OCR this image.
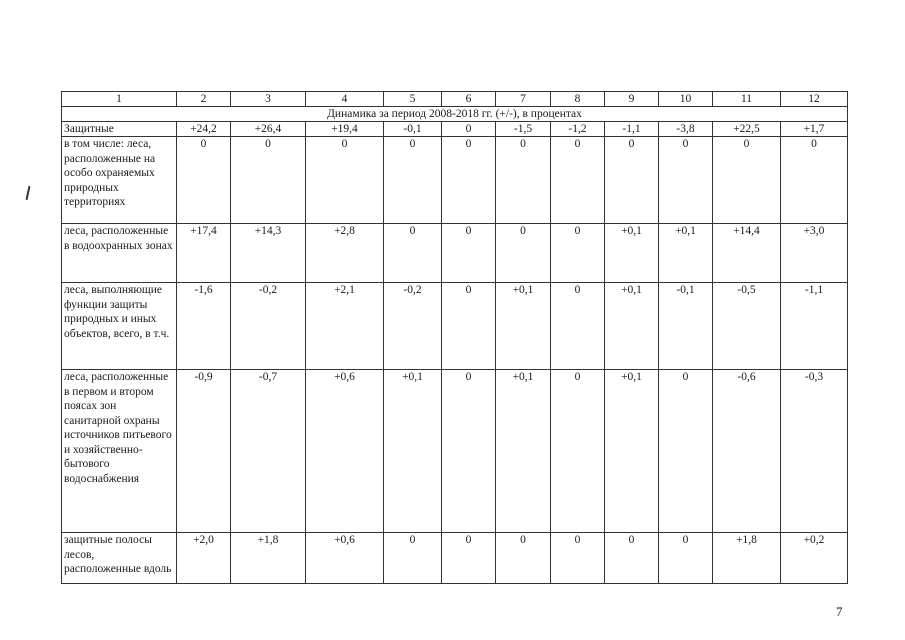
1	2	3	4	5	6	7	8	9	10	11	12
Динамика за период 2008-2018 гг. (+/-), в процентах											
Защитные	+24,2	+26,4	+19,4	-0,1	0	-1,5	-1,2	-1,1	-3,8	+22,5	+1,7
в том числе: леса, расположенные на особо охраняемых природных территориях	0	0	0	0	0	0	0	0	0	0	0
леса, расположенные в водоохранных зонах	+17,4	+14,3	+2,8	0	0	0	0	+0,1	+0,1	+14,4	+3,0
леса, выполняющие функции защиты природных и иных объектов, всего, в т.ч.	-1,6	-0,2	+2,1	-0,2	0	+0,1	0	+0,1	-0,1	-0,5	-1,1
леса, расположенные в первом и втором поясах зон санитарной охраны источников питьевого и хозяйственно-бытового водоснабжения	-0,9	-0,7	+0,6	+0,1	0	+0,1	0	+0,1	0	-0,6	-0,3
защитные полосы лесов, расположенные вдоль	+2,0	+1,8	+0,6	0	0	0	0	0	0	+1,8	+0,2
7
